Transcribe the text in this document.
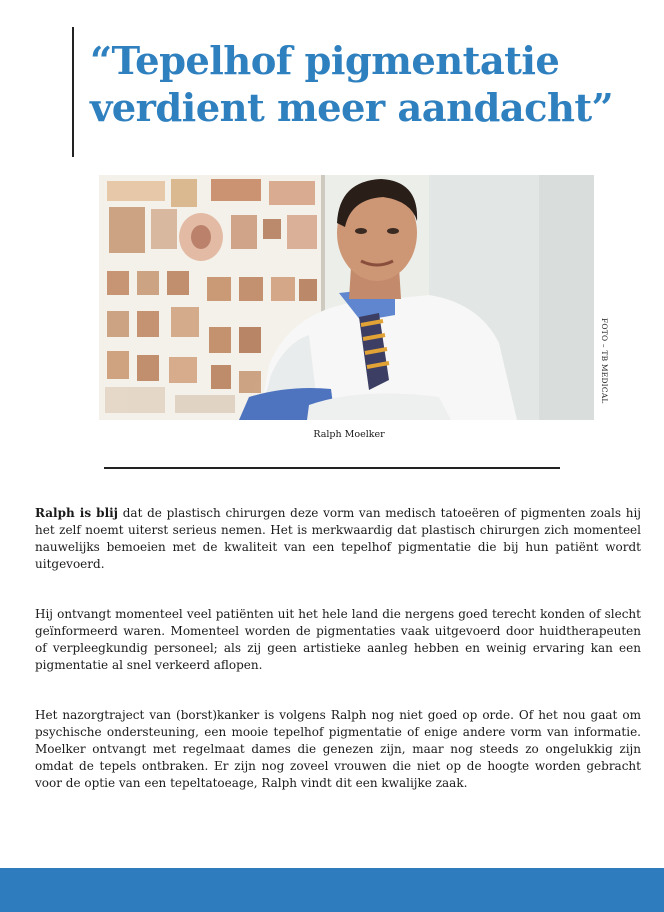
“Tepelhof pigmentatie verdient meer aandacht”
FOTO – TB MEDICAL
Ralph Moelker

Ralph is blij dat de plastisch chirurgen deze vorm van medisch tatoeëren of pigmenten zoals hij het zelf noemt uiterst serieus nemen. Het is merkwaardig dat plastisch chirurgen zich momenteel nauwelijks bemoeien met de kwaliteit van een tepelhof pigmentatie die bij hun patiënt wordt uitgevoerd.

Hij ontvangt momenteel veel patiënten uit het hele land die nergens goed terecht konden of slecht geïnformeerd waren. Momenteel worden de pigmentaties vaak uitgevoerd door huidtherapeuten of verpleegkundig personeel; als zij geen artistieke aanleg hebben en weinig ervaring kan een pigmentatie al snel verkeerd aflopen.

Het nazorgtraject van (borst)kanker is volgens Ralph nog niet goed op orde. Of het nou gaat om psychische ondersteuning, een mooie tepelhof pigmentatie of enige andere vorm van informatie. Moelker ontvangt met regelmaat dames die genezen zijn, maar nog steeds zo ongelukkig zijn omdat de tepels ontbraken. Er zijn nog zoveel vrouwen die niet op de hoogte worden gebracht voor de optie van een tepeltatoeage, Ralph vindt dit een kwalijke zaak.
